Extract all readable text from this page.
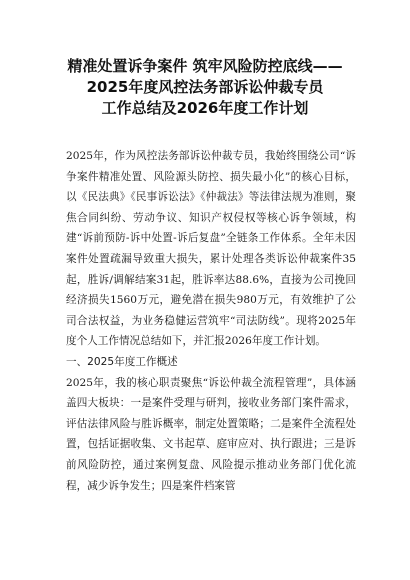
精准处置诉争案件 筑牢风险防控底线——
2025年度风控法务部诉讼仲裁专员
工作总结及2026年度工作计划

2025年，作为风控法务部诉讼仲裁专员，我始终围绕公司“诉争案件精准处置、风险源头防控、损失最小化”的核心目标，以《民法典》《民事诉讼法》《仲裁法》等法律法规为准则，聚焦合同纠纷、劳动争议、知识产权侵权等核心诉争领域，构建“诉前预防-诉中处置-诉后复盘”全链条工作体系。全年未因案件处置疏漏导致重大损失，累计处理各类诉讼仲裁案件35起，胜诉/调解结案31起，胜诉率达88.6%，直接为公司挽回经济损失1560万元，避免潜在损失980万元，有效维护了公司合法权益，为业务稳健运营筑牢“司法防线”。现将2025年度个人工作情况总结如下，并汇报2026年度工作计划。

一、2025年度工作概述

2025年，我的核心职责聚焦“诉讼仲裁全流程管理”，具体涵盖四大板块：一是案件受理与研判，接收业务部门案件需求，评估法律风险与胜诉概率，制定处置策略；二是案件全流程处置，包括证据收集、文书起草、庭审应对、执行跟进；三是诉前风险防控，通过案例复盘、风险提示推动业务部门优化流程，减少诉争发生；四是案件档案管
